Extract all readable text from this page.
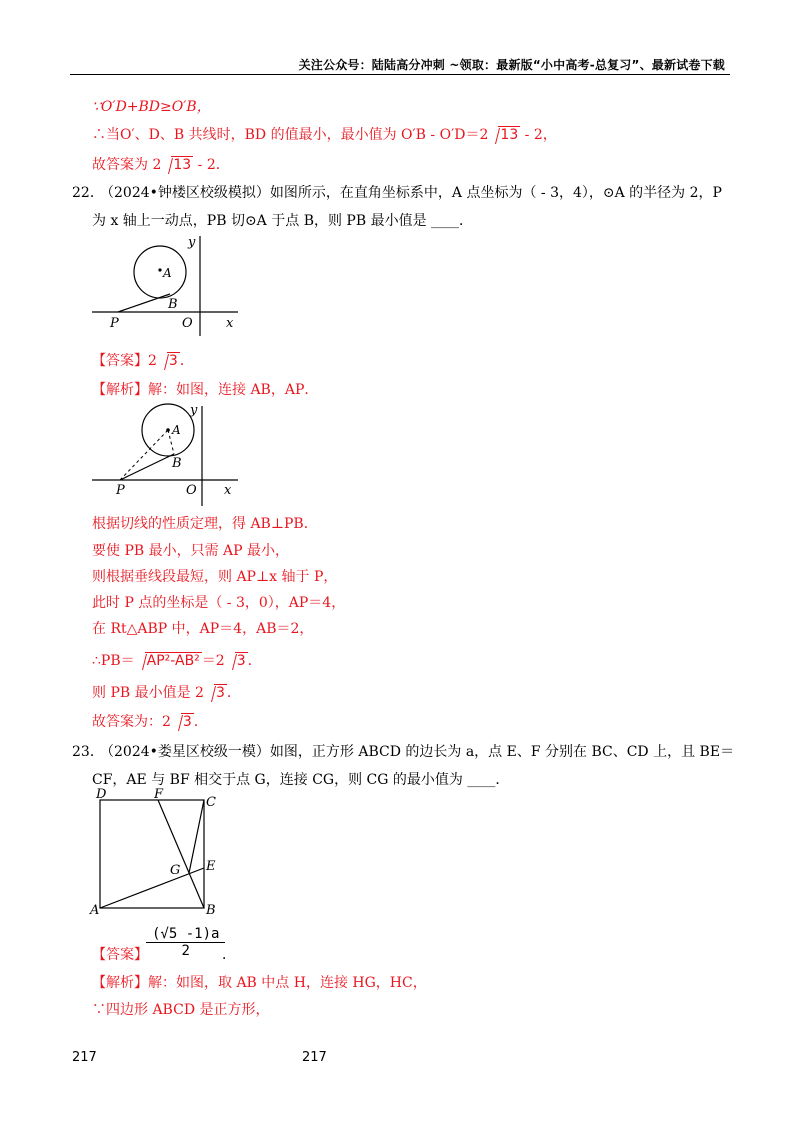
关注公众号：陆陆高分冲刺 ~领取：最新版“小中高考-总复习”、最新试卷下载
∵O′D+BD≥O′B，
∴当O′、D、B 共线时，BD 的值最小，最小值为 O′B - O′D＝2 13 - 2，
故答案为 2 13 - 2．
22．
（2024•钟楼区校级模拟）如图所示，在直角坐标系中，A 点坐标为（ - 3，4），⊙A 的半径为 2，P
为 x 轴上一动点，PB 切⊙A 于点 B，则 PB 最小值是 ____．
y
A
B
P	O	x
【答案】2 3 ．
【解析】解：如图，连接 AB，AP．
y
A
B
P	O x
根据切线的性质定理，得 AB⊥PB．
要使 PB 最小，只需 AP 最小，
则根据垂线段最短，则 AP⊥x 轴于 P，
此时 P 点的坐标是（ - 3，0），AP＝4，
在 Rt△ABP 中，AP＝4，AB＝2，
∴PB＝ AP²-AB² ＝2 3 ．
则 PB 最小值是 2 3 ．
故答案为：2 3 ．
23．
（2024•娄星区校级一模）如图，正方形 ABCD 的边长为 a，点 E、F 分别在 BC、CD 上，且 BE＝
CF，AE 与 BF 相交于点 G，连接 CG，则 CG 的最小值为 ____．
D	F
C
E
G
A	B
【答案】
$\frac{(√5 -1)a}{2}$
．
【解析】解：如图，取 AB 中点 H，连接 HG，HC，
∵四边形 ABCD 是正方形，
217	217
